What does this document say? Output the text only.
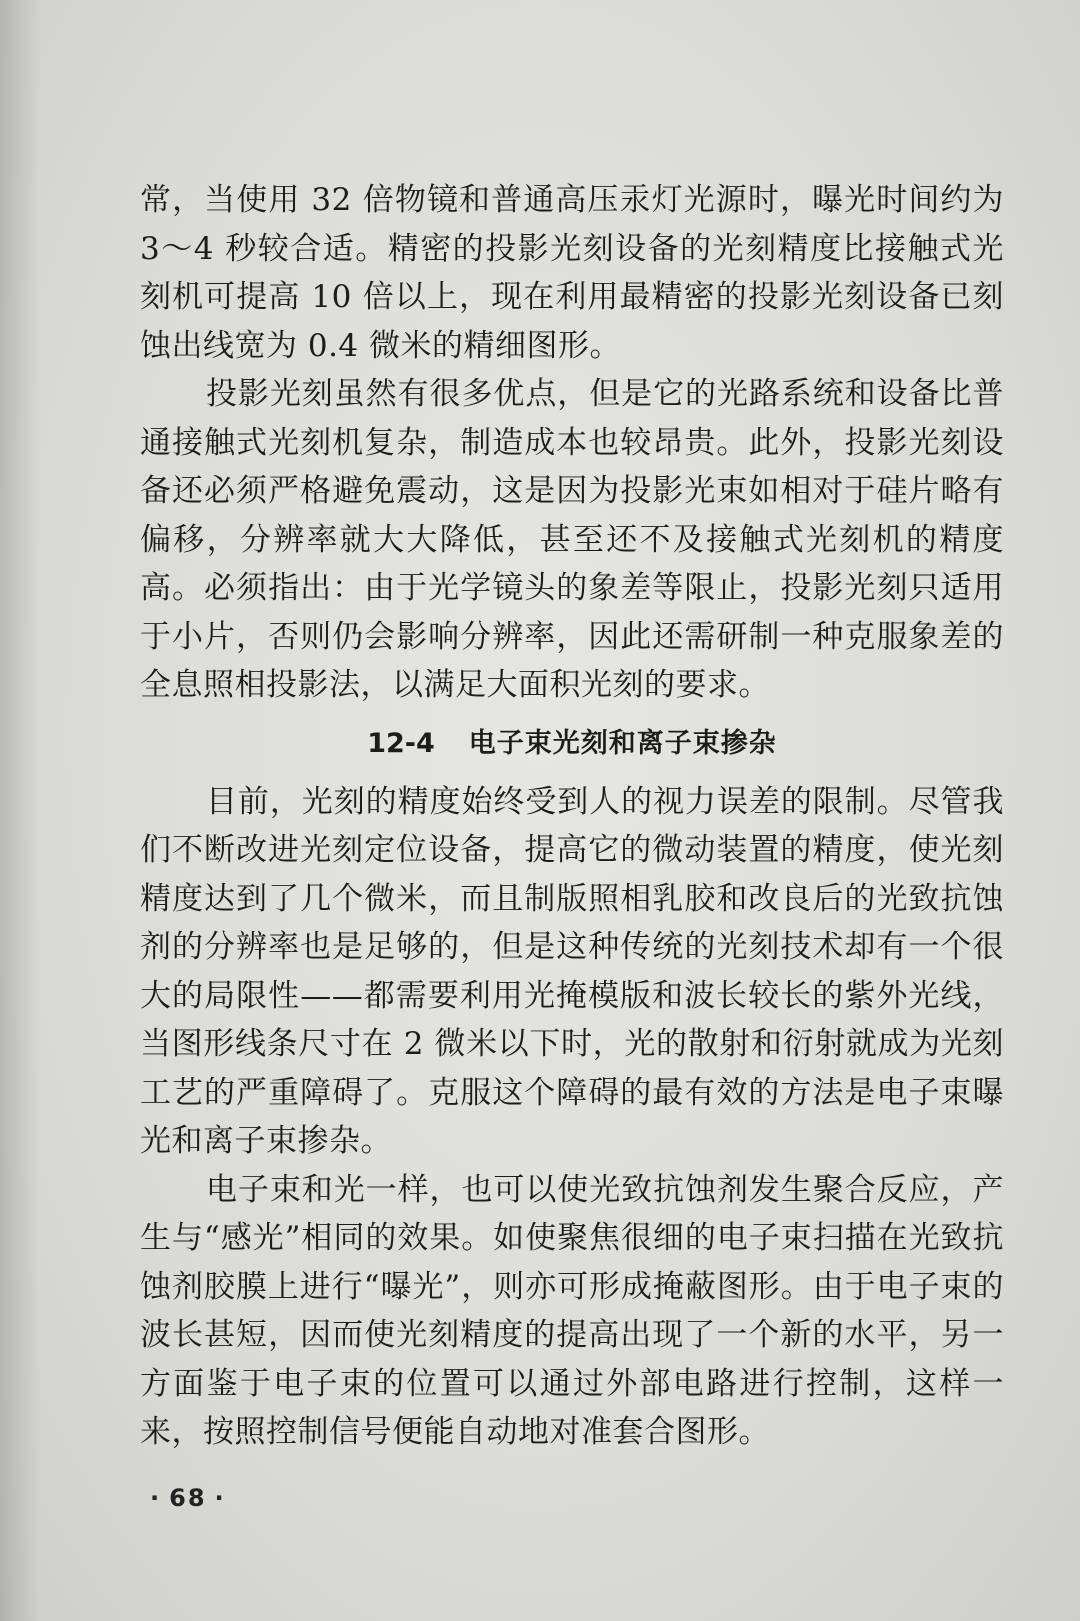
常，当使用 32 倍物镜和普通高压汞灯光源时，曝光时间约为 3～4 秒较合适。精密的投影光刻设备的光刻精度比接触式光刻机可提高 10 倍以上，现在利用最精密的投影光刻设备已刻蚀出线宽为 0.4 微米的精细图形。

投影光刻虽然有很多优点，但是它的光路系统和设备比普通接触式光刻机复杂，制造成本也较昂贵。此外，投影光刻设备还必须严格避免震动，这是因为投影光束如相对于硅片略有偏移，分辨率就大大降低，甚至还不及接触式光刻机的精度高。必须指出：由于光学镜头的象差等限止，投影光刻只适用于小片，否则仍会影响分辨率，因此还需研制一种克服象差的全息照相投影法，以满足大面积光刻的要求。

12-4 电子束光刻和离子束掺杂

目前，光刻的精度始终受到人的视力误差的限制。尽管我们不断改进光刻定位设备，提高它的微动装置的精度，使光刻精度达到了几个微米，而且制版照相乳胶和改良后的光致抗蚀剂的分辨率也是足够的，但是这种传统的光刻技术却有一个很大的局限性——都需要利用光掩模版和波长较长的紫外光线，当图形线条尺寸在 2 微米以下时，光的散射和衍射就成为光刻工艺的严重障碍了。克服这个障碍的最有效的方法是电子束曝光和离子束掺杂。

电子束和光一样，也可以使光致抗蚀剂发生聚合反应，产生与“感光”相同的效果。如使聚焦很细的电子束扫描在光致抗蚀剂胶膜上进行“曝光”，则亦可形成掩蔽图形。由于电子束的波长甚短，因而使光刻精度的提高出现了一个新的水平，另一方面鉴于电子束的位置可以通过外部电路进行控制，这样一来，按照控制信号便能自动地对准套合图形。

· 68 ·
